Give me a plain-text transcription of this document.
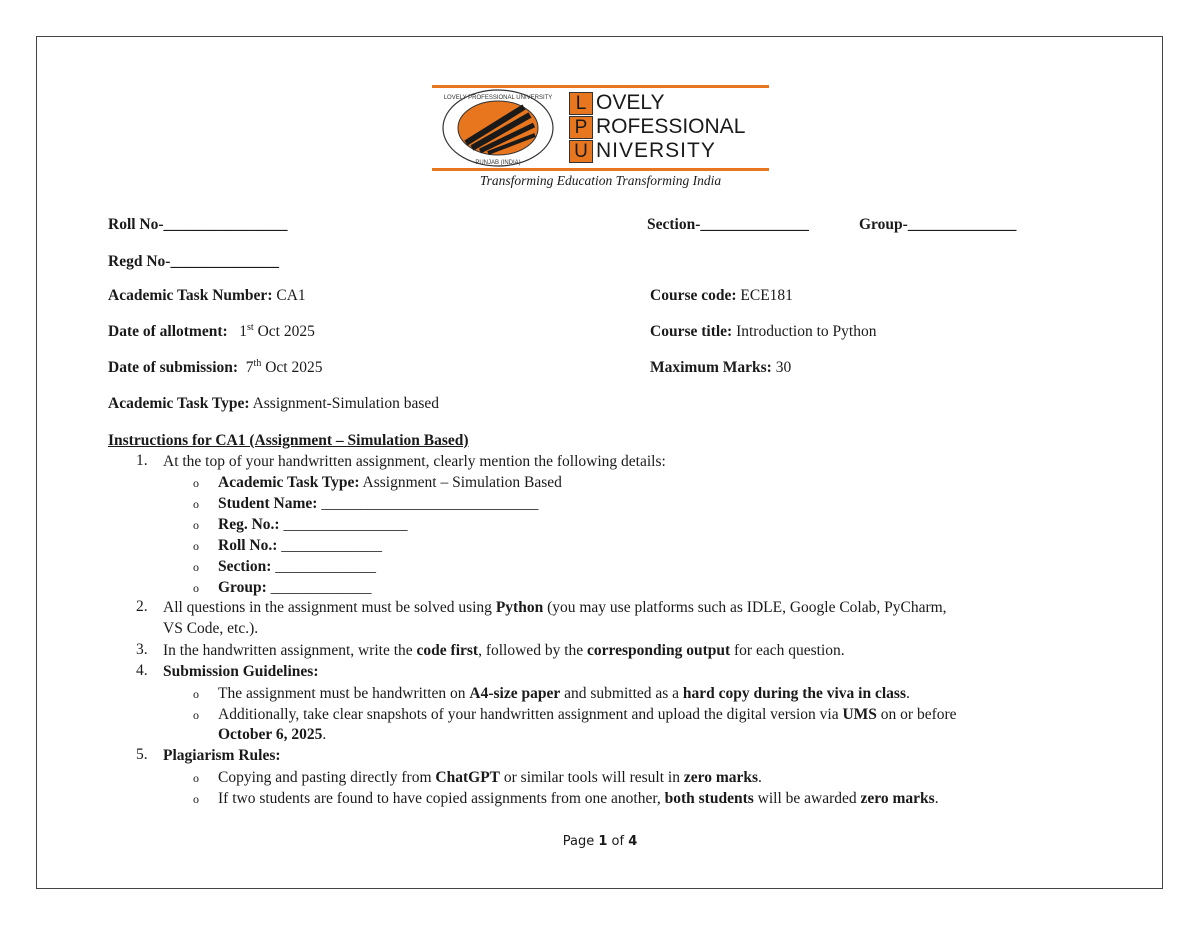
LOVELY PROFESSIONAL UNIVERSITY
PUNJAB (INDIA)
L OVELY
P ROFESSIONAL
U NIVERSITY
Transforming Education Transforming India
Roll No-________________	Section-______________	Group-______________
Regd No-______________
Academic Task Number: CA1	Course code: ECE181
Date of allotment: 1st Oct 2025	Course title: Introduction to Python
Date of submission: 7th Oct 2025	Maximum Marks: 30
Academic Task Type: Assignment-Simulation based
Instructions for CA1 (Assignment – Simulation Based)
1. At the top of your handwritten assignment, clearly mention the following details:
o Academic Task Type: Assignment – Simulation Based
o Student Name: ____________________________
o Reg. No.: ________________
o Roll No.: _____________
o Section: _____________
o Group: _____________
2. All questions in the assignment must be solved using Python (you may use platforms such as IDLE, Google Colab, PyCharm,
VS Code, etc.).
3. In the handwritten assignment, write the code first, followed by the corresponding output for each question.
4. Submission Guidelines:
o The assignment must be handwritten on A4-size paper and submitted as a hard copy during the viva in class.
o Additionally, take clear snapshots of your handwritten assignment and upload the digital version via UMS on or before
October 6, 2025.
5. Plagiarism Rules:
o Copying and pasting directly from ChatGPT or similar tools will result in zero marks.
o If two students are found to have copied assignments from one another, both students will be awarded zero marks.
Page 1 of 4
